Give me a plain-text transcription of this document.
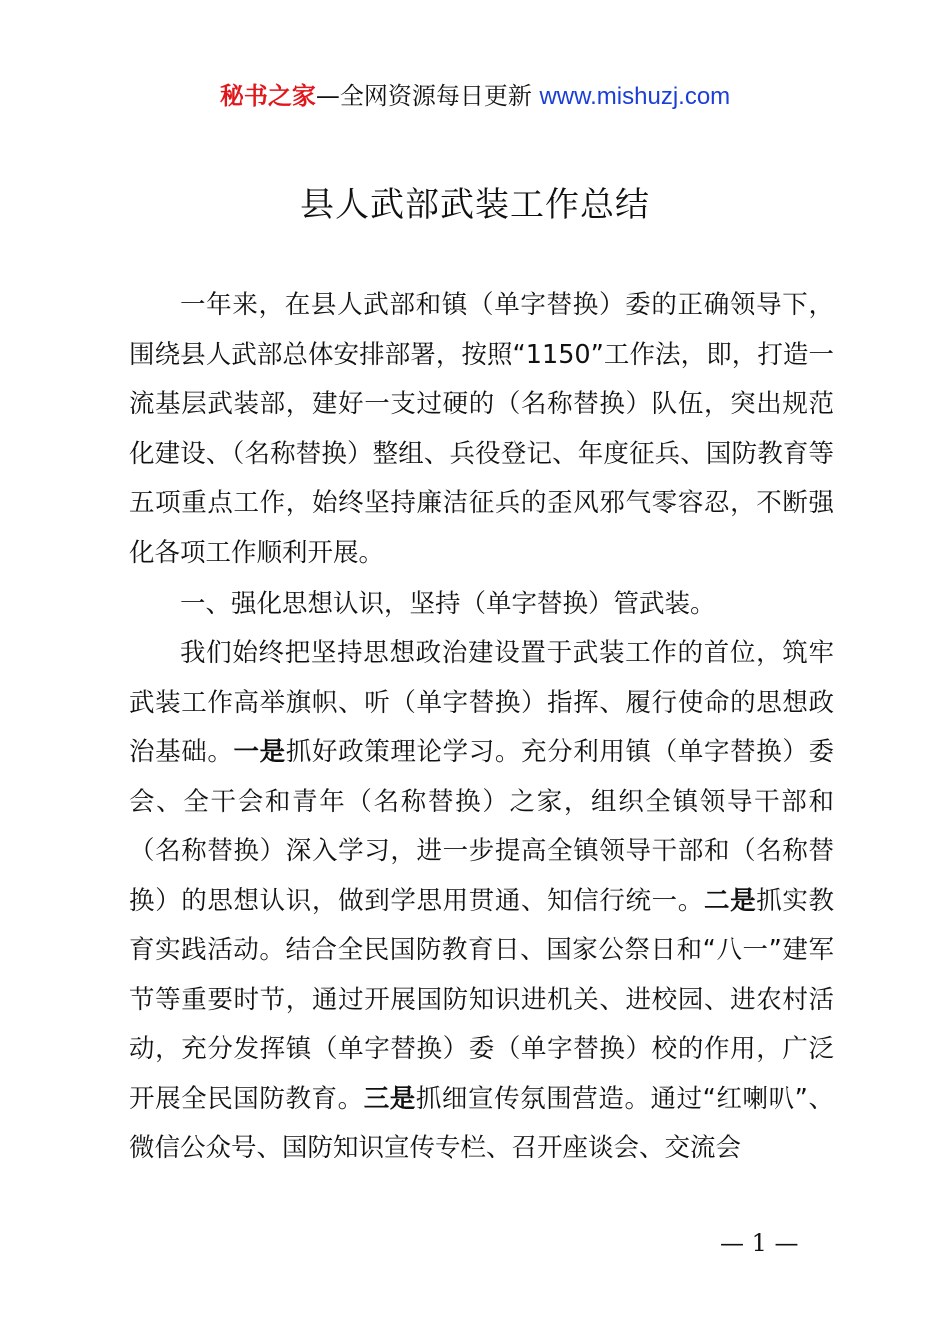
秘书之家—全网资源每日更新 www.mishuzj.com
县人武部武装工作总结

一年来，在县人武部和镇（单字替换）委的正确领导下，围绕县人武部总体安排部署，按照“1150”工作法，即，打造一流基层武装部，建好一支过硬的（名称替换）队伍，突出规范化建设、（名称替换）整组、兵役登记、年度征兵、国防教育等五项重点工作，始终坚持廉洁征兵的歪风邪气零容忍，不断强化各项工作顺利开展。

一、强化思想认识，坚持（单字替换）管武装。

我们始终把坚持思想政治建设置于武装工作的首位，筑牢武装工作高举旗帜、听（单字替换）指挥、履行使命的思想政治基础。一是抓好政策理论学习。充分利用镇（单字替换）委会、全干会和青年（名称替换）之家，组织全镇领导干部和（名称替换）深入学习，进一步提高全镇领导干部和（名称替换）的思想认识，做到学思用贯通、知信行统一。二是抓实教育实践活动。结合全民国防教育日、国家公祭日和“八一”建军节等重要时节，通过开展国防知识进机关、进校园、进农村活动，充分发挥镇（单字替换）委（单字替换）校的作用，广泛开展全民国防教育。三是抓细宣传氛围营造。通过“红喇叭”、微信公众号、国防知识宣传专栏、召开座谈会、交流会

— 1 —
